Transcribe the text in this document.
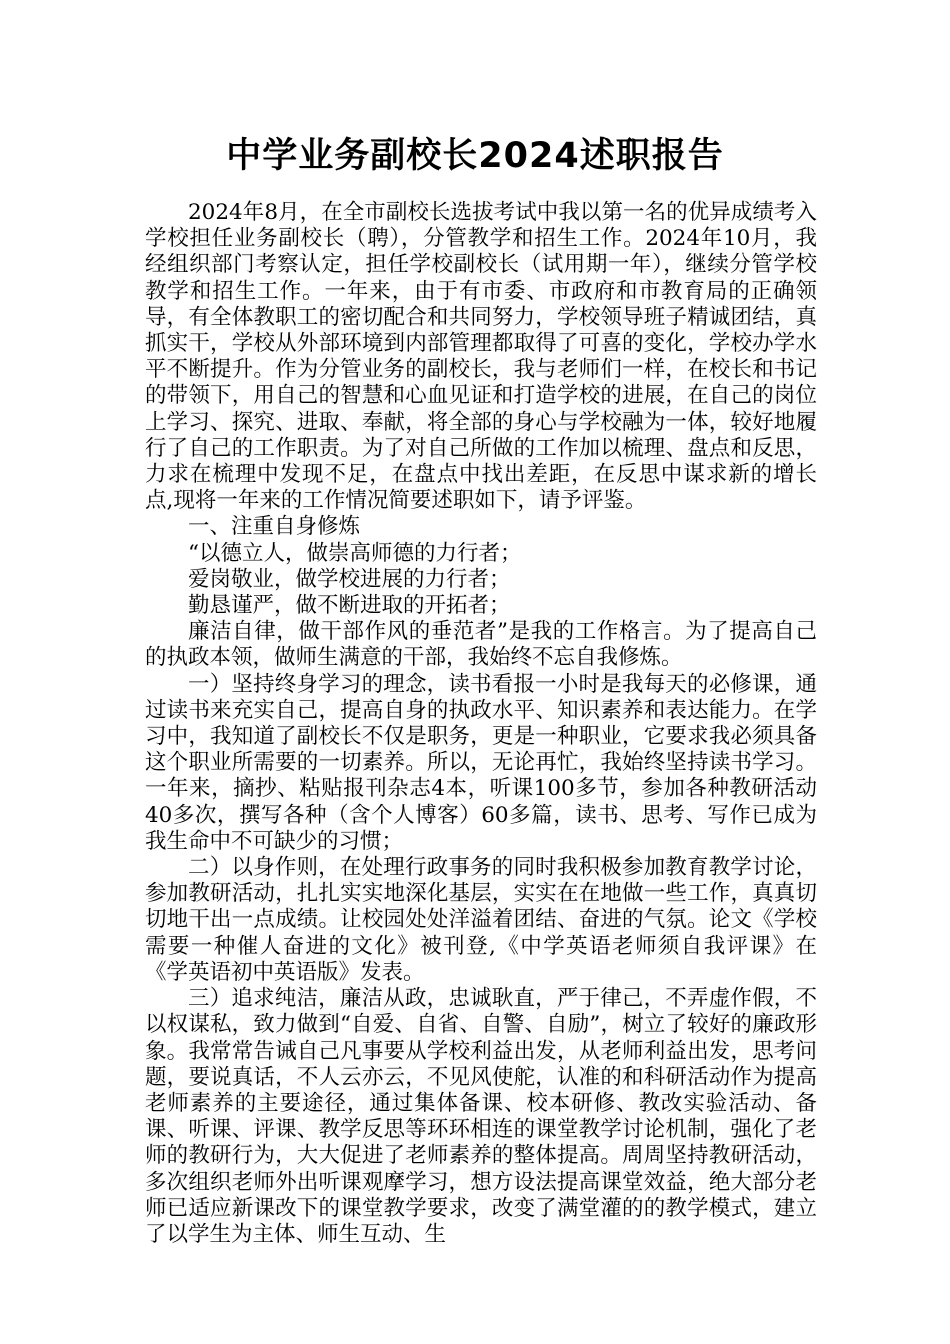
中学业务副校长2024述职报告

2024年8月，在全市副校长选拔考试中我以第一名的优异成绩考入学校担任业务副校长（聘），分管教学和招生工作。2024年10月，我经组织部门考察认定，担任学校副校长（试用期一年），继续分管学校教学和招生工作。一年来，由于有市委、市政府和市教育局的正确领导，有全体教职工的密切配合和共同努力，学校领导班子精诚团结，真抓实干，学校从外部环境到内部管理都取得了可喜的变化，学校办学水平不断提升。作为分管业务的副校长，我与老师们一样，在校长和书记的带领下，用自己的智慧和心血见证和打造学校的进展，在自己的岗位上学习、探究、进取、奉献，将全部的身心与学校融为一体，较好地履行了自己的工作职责。为了对自己所做的工作加以梳理、盘点和反思，力求在梳理中发现不足，在盘点中找出差距，在反思中谋求新的增长点,现将一年来的工作情况简要述职如下，请予评鉴。

一、注重自身修炼

“以德立人，做崇高师德的力行者；

爱岗敬业，做学校进展的力行者；

勤恳谨严，做不断进取的开拓者；

廉洁自律，做干部作风的垂范者”是我的工作格言。为了提高自己的执政本领，做师生满意的干部，我始终不忘自我修炼。

一）坚持终身学习的理念，读书看报一小时是我每天的必修课，通过读书来充实自己，提高自身的执政水平、知识素养和表达能力。在学习中，我知道了副校长不仅是职务，更是一种职业，它要求我必须具备这个职业所需要的一切素养。所以，无论再忙，我始终坚持读书学习。一年来，摘抄、粘贴报刊杂志4本，听课100多节，参加各种教研活动40多次，撰写各种（含个人博客）60多篇，读书、思考、写作已成为我生命中不可缺少的习惯；

二）以身作则，在处理行政事务的同时我积极参加教育教学讨论，参加教研活动，扎扎实实地深化基层，实实在在地做一些工作，真真切切地干出一点成绩。让校园处处洋溢着团结、奋进的气氛。论文《学校需要一种催人奋进的文化》被刊登,《中学英语老师须自我评课》在《学英语初中英语版》发表。

三）追求纯洁，廉洁从政，忠诚耿直，严于律己，不弄虚作假，不以权谋私，致力做到“自爱、自省、自警、自励”，树立了较好的廉政形象。我常常告诫自己凡事要从学校利益出发，从老师利益出发，思考问题，要说真话，不人云亦云，不见风使舵，认准的和科研活动作为提高老师素养的主要途径，通过集体备课、校本研修、教改实验活动、备课、听课、评课、教学反思等环环相连的课堂教学讨论机制，强化了老师的教研行为，大大促进了老师素养的整体提高。周周坚持教研活动，多次组织老师外出听课观摩学习，想方设法提高课堂效益，绝大部分老师已适应新课改下的课堂教学要求，改变了满堂灌的的教学模式，建立了以学生为主体、师生互动、生
